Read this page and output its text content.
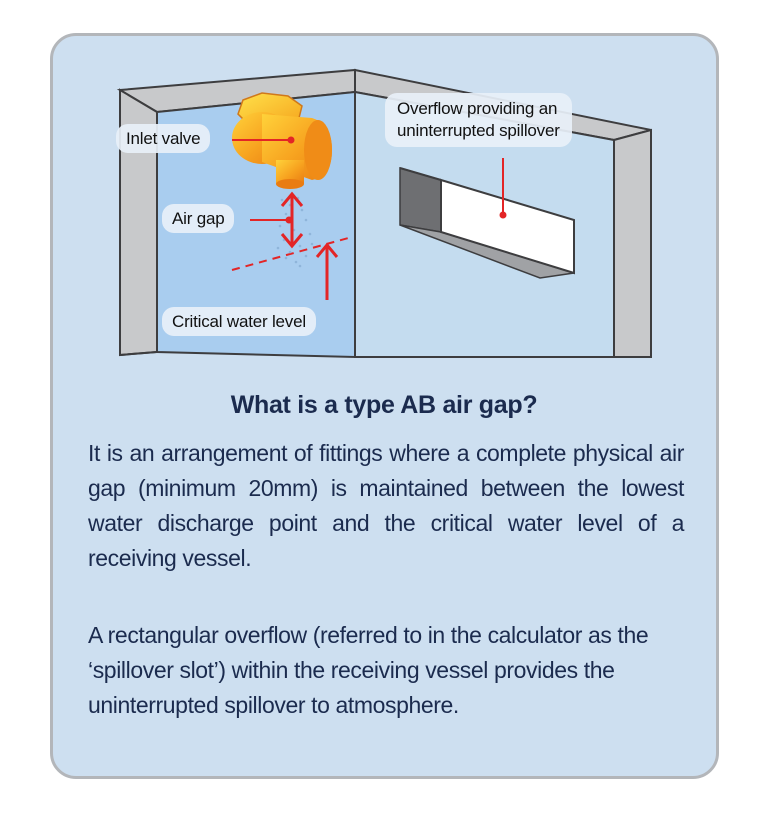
Inlet valve
Air gap
Critical water level
Overflow providing an
uninterrupted spillover
What is a type AB air gap?

It is an arrangement of fittings where a complete physical air gap (minimum 20mm) is maintained between the lowest water discharge point and the critical water level of a receiving vessel.

A rectangular overflow (referred to in the calculator as the ‘spillover slot’) within the receiving vessel provides the uninterrupted spillover to atmosphere.
